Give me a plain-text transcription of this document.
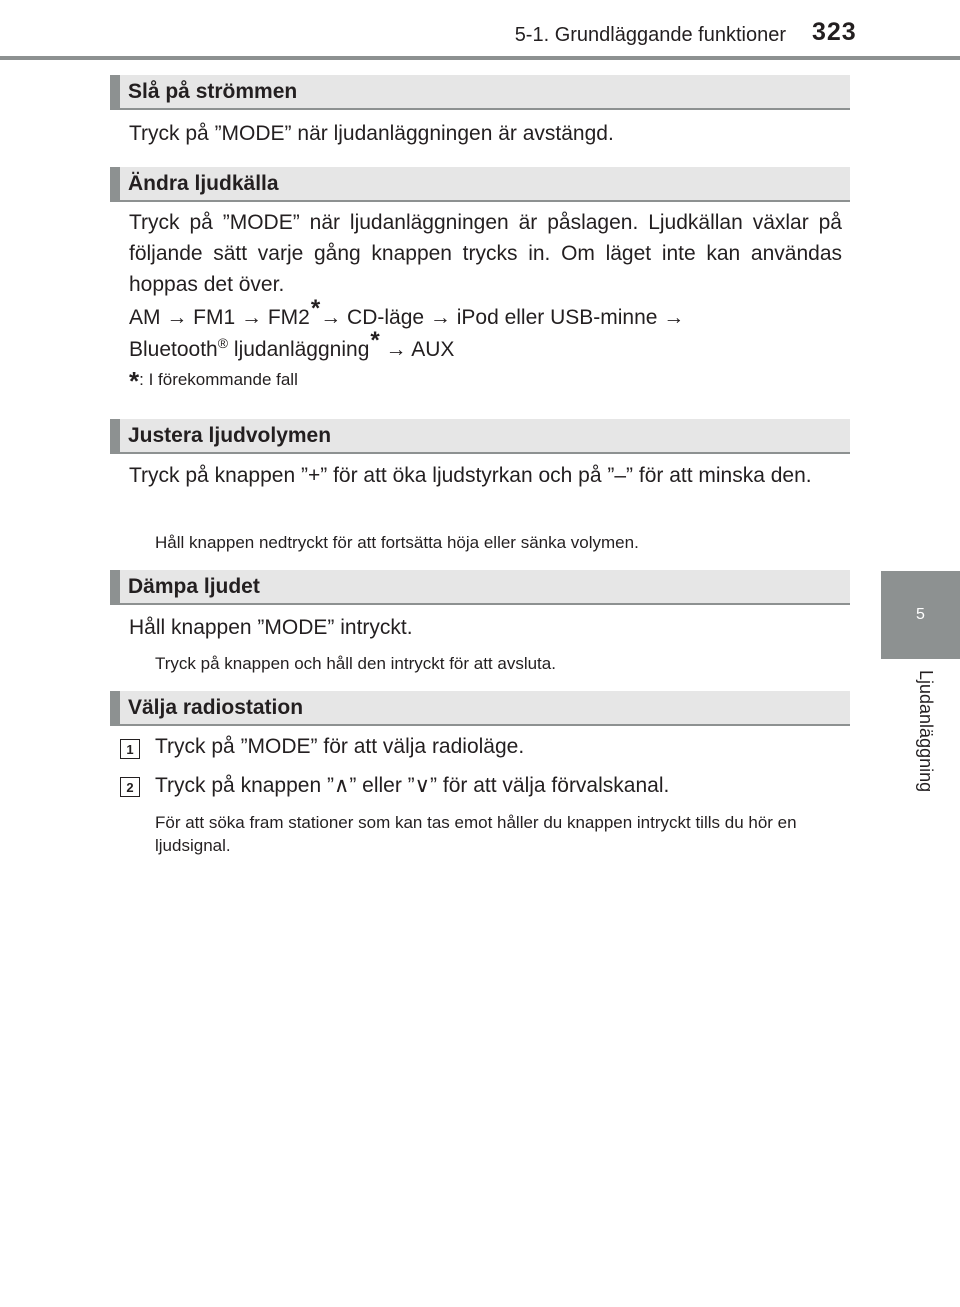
5-1. Grundläggande funktioner 323
5
Ljudanläggning
Slå på strömmen
Tryck på ”MODE” när ljudanläggningen är avstängd.
Ändra ljudkälla
Tryck på ”MODE” när ljudanläggningen är påslagen. Ljudkällan växlar på följande sätt varje gång knappen trycks in. Om läget inte kan användas hoppas det över.
AM → FM1 → FM2*→ CD-läge → iPod eller USB-minne →
Bluetooth® ljudanläggning* → AUX
*: I förekommande fall
Justera ljudvolymen
Tryck på knappen ”+” för att öka ljudstyrkan och på ”–” för att minska den.
Håll knappen nedtryckt för att fortsätta höja eller sänka volymen.
Dämpa ljudet
Håll knappen ”MODE” intryckt.
Tryck på knappen och håll den intryckt för att avsluta.
Välja radiostation
1	Tryck på ”MODE” för att välja radioläge.
2	Tryck på knappen ”∧” eller ”∨” för att välja förvalskanal.
För att söka fram stationer som kan tas emot håller du knappen intryckt tills du hör en ljudsignal.
